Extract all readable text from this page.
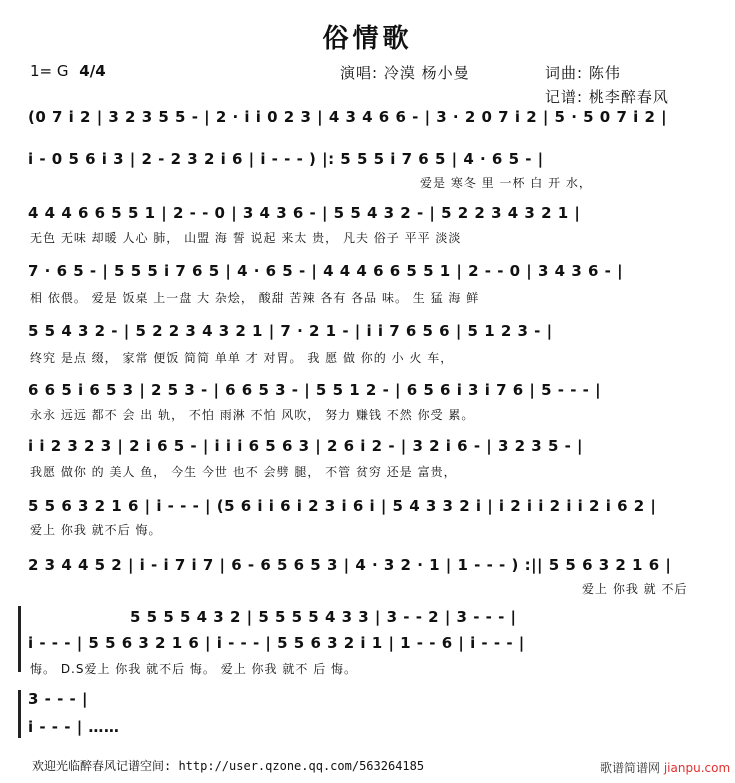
俗情歌
1= G 4/4	演唱: 冷漠 杨小曼	词曲: 陈伟
记谱: 桃李醉春风
(0 7 i 2 | 3 2 3 5 5 - | 2 · i i 0 2 3 | 4 3 4 6 6 - | 3 · 2 0 7 i 2 | 5 · 5 0 7 i 2 |
i - 0 5 6 i 3 | 2 - 2 3 2 i 6 | i - - - ) |: 5 5 5 i 7 6 5 | 4 · 6 5 - |
爱是 寒冬 里 一杯 白 开 水，
4 4 4 6 6 5 5 1 | 2 - - 0 | 3 4 3 6 - | 5 5 4 3 2 - | 5 2 2 3 4 3 2 1 |
无色 无味 却暖 人心 肺， 山盟 海 誓 说起 来太 贵， 凡夫 俗子 平平 淡淡
7 · 6 5 - | 5 5 5 i 7 6 5 | 4 · 6 5 - | 4 4 4 6 6 5 5 1 | 2 - - 0 | 3 4 3 6 - |
相 依偎。 爱是 饭桌 上一盘 大 杂烩， 酸甜 苦辣 各有 各品 味。 生 猛 海 鲜
5 5 4 3 2 - | 5 2 2 3 4 3 2 1 | 7 · 2 1 - | i i 7 6 5 6 | 5 1 2 3 - |
终究 是点 缀， 家常 便饭 简简 单单 才 对胃。 我 愿 做 你的 小 火 车，
6 6 5 i 6 5 3 | 2 5 3 - | 6 6 5 3 - | 5 5 1 2 - | 6 5 6 i 3 i 7 6 | 5 - - - |
永永 远远 都不 会 出 轨， 不怕 雨淋 不怕 风吹， 努力 赚钱 不然 你受 累。
i i 2 3 2 3 | 2 i 6 5 - | i i i 6 5 6 3 | 2 6 i 2 - | 3 2 i 6 - | 3 2 3 5 - |
我愿 做你 的 美人 鱼， 今生 今世 也不 会劈 腿， 不管 贫穷 还是 富贵，
5 5 6 3 2 1 6 | i - - - | (5 6 i i 6 i 2 3 i 6 i | 5 4 3 3 2 i | i 2 i i 2 i i 2 i 6 2 |
爱上 你我 就不后 悔。
2 3 4 4 5 2 | i - i 7 i 7 | 6 - 6 5 6 5 3 | 4 · 3 2 · 1 | 1 - - - ) :|| 5 5 6 3 2 1 6 |
爱上 你我 就 不后
5 5 5 5 4 3 2 | 5 5 5 5 4 3 3 | 3 - - 2 | 3 - - - |
i - - - | 5 5 6 3 2 1 6 | i - - - | 5 5 6 3 2 i 1 | 1 - - 6 | i - - - |
悔。 D.S爱上 你我 就不后 悔。 爱上 你我 就不 后 悔。
3 - - - |
i - - - | ……
欢迎光临醉春风记谱空间: http://user.qzone.qq.com/563264185	歌谱简谱网 jianpu.com
